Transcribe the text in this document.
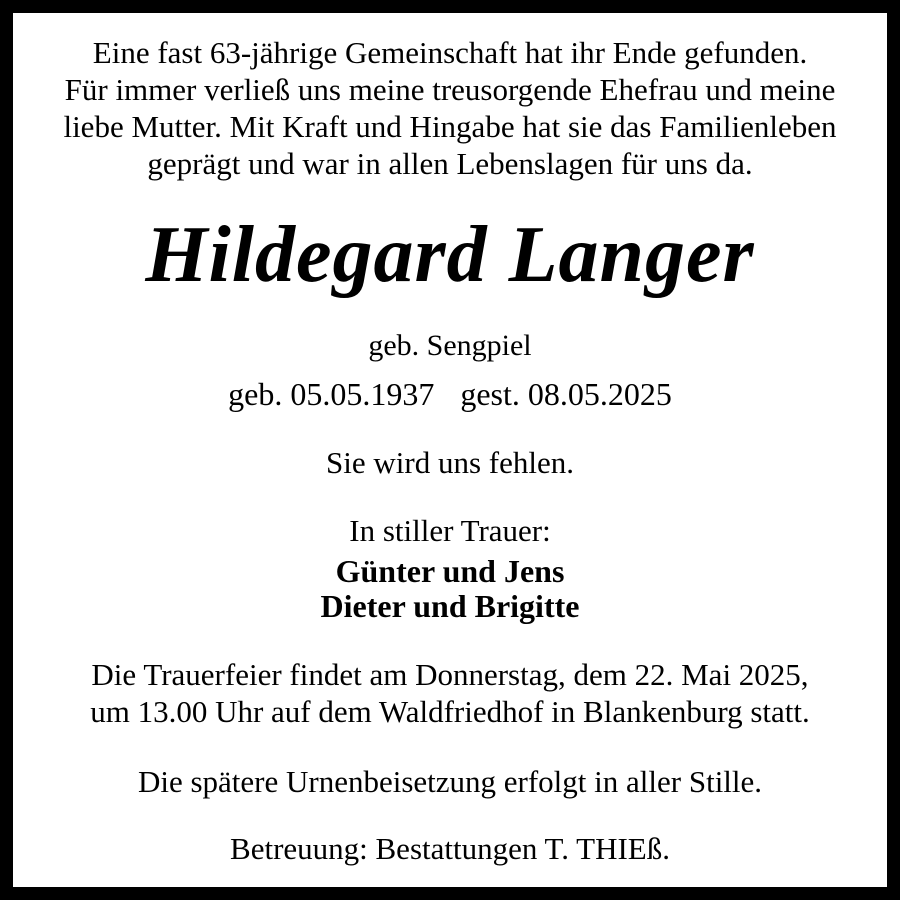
Eine fast 63-jährige Gemeinschaft hat ihr Ende gefunden.
Für immer verließ uns meine treusorgende Ehefrau und meine
liebe Mutter. Mit Kraft und Hingabe hat sie das Familienleben
geprägt und war in allen Lebenslagen für uns da.
Hildegard Langer
geb. Sengpiel
geb. 05.05.1937 gest. 08.05.2025
Sie wird uns fehlen.
In stiller Trauer:
Günter und Jens
Dieter und Brigitte
Die Trauerfeier findet am Donnerstag, dem 22. Mai 2025,
um 13.00 Uhr auf dem Waldfriedhof in Blankenburg statt.
Die spätere Urnenbeisetzung erfolgt in aller Stille.
Betreuung: Bestattungen T. THIEß.
